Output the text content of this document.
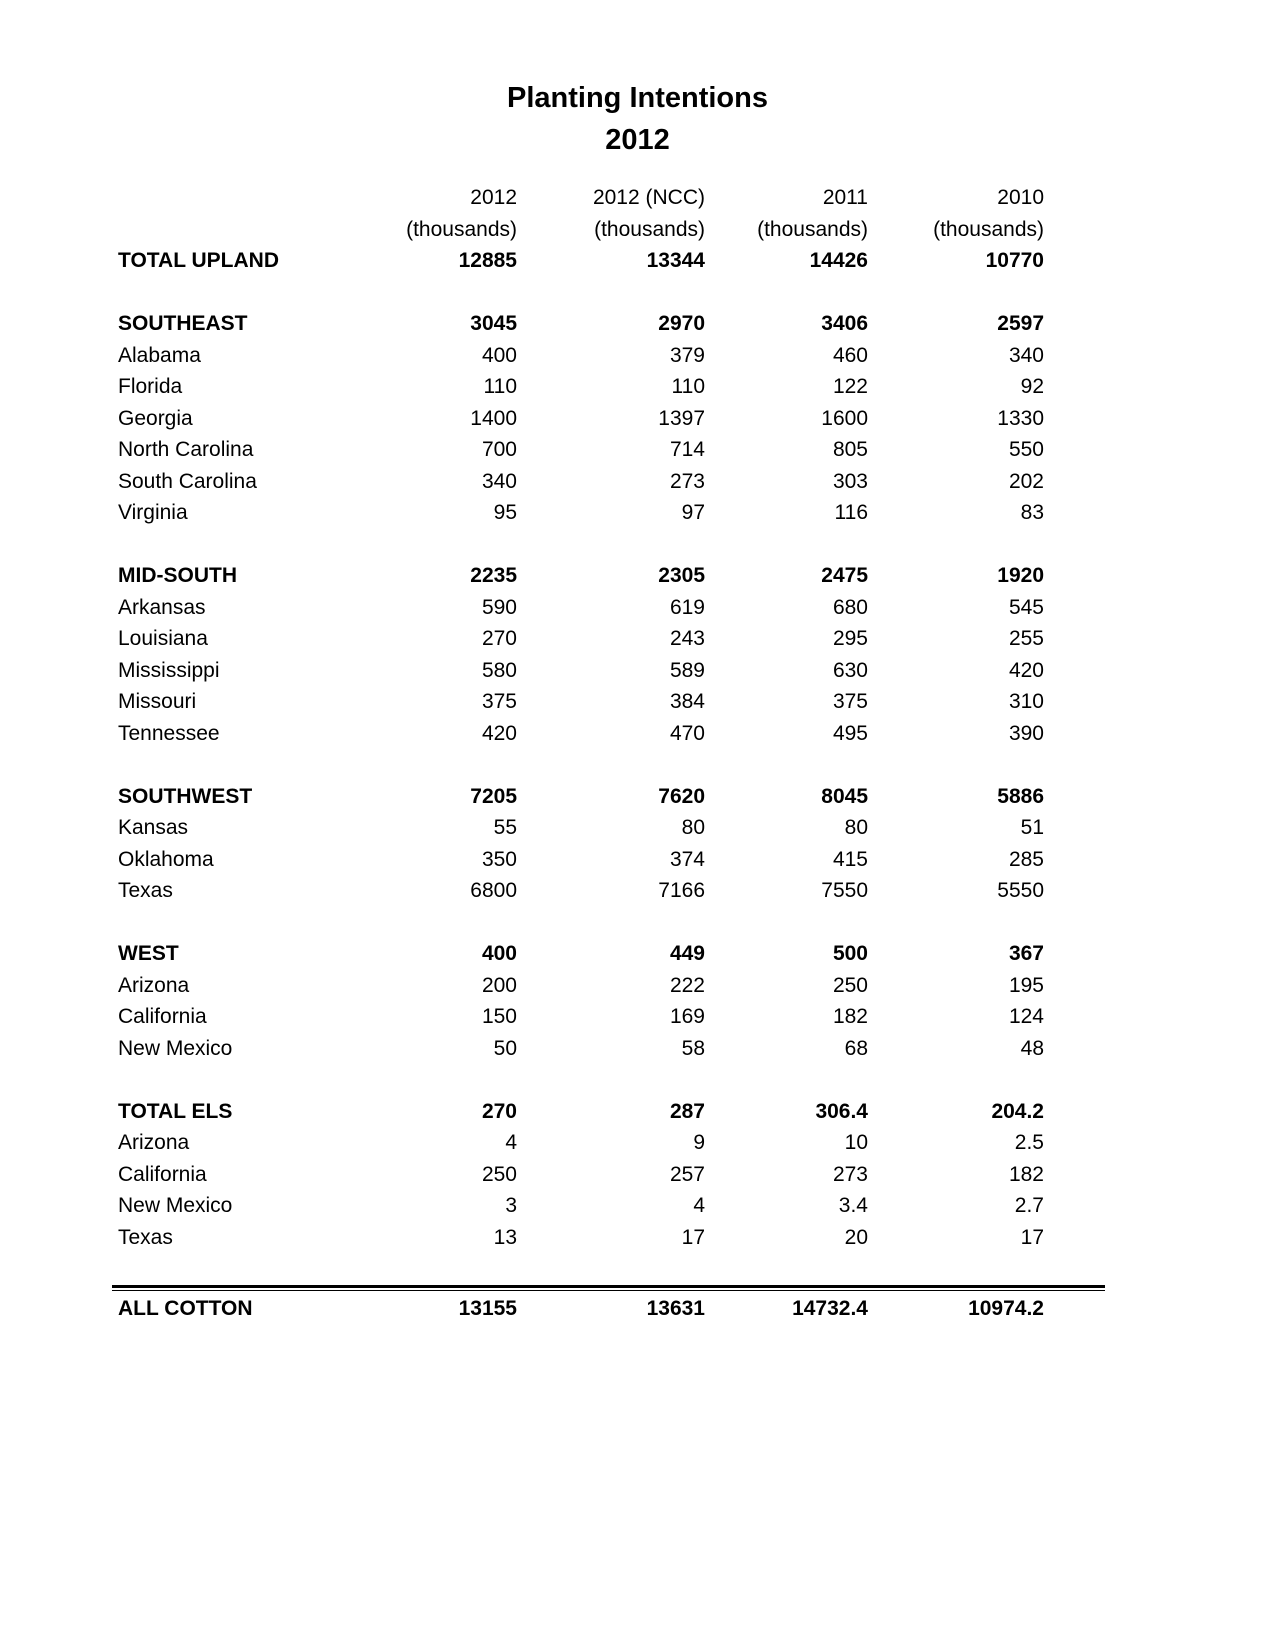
Planting Intentions
2012
2012	2012 (NCC)	2011	2010
(thousands)	(thousands)	(thousands)	(thousands)
TOTAL UPLAND	12885	13344	14426	10770
SOUTHEAST	3045	2970	3406	2597
Alabama	400	379	460	340
Florida	110	110	122	92
Georgia	1400	1397	1600	1330
North Carolina	700	714	805	550
South Carolina	340	273	303	202
Virginia	95	97	116	83
MID-SOUTH	2235	2305	2475	1920
Arkansas	590	619	680	545
Louisiana	270	243	295	255
Mississippi	580	589	630	420
Missouri	375	384	375	310
Tennessee	420	470	495	390
SOUTHWEST	7205	7620	8045	5886
Kansas	55	80	80	51
Oklahoma	350	374	415	285
Texas	6800	7166	7550	5550
WEST	400	449	500	367
Arizona	200	222	250	195
California	150	169	182	124
New Mexico	50	58	68	48
TOTAL ELS	270	287	306.4	204.2
Arizona	4	9	10	2.5
California	250	257	273	182
New Mexico	3	4	3.4	2.7
Texas	13	17	20	17
ALL COTTON	13155	13631	14732.4	10974.2
